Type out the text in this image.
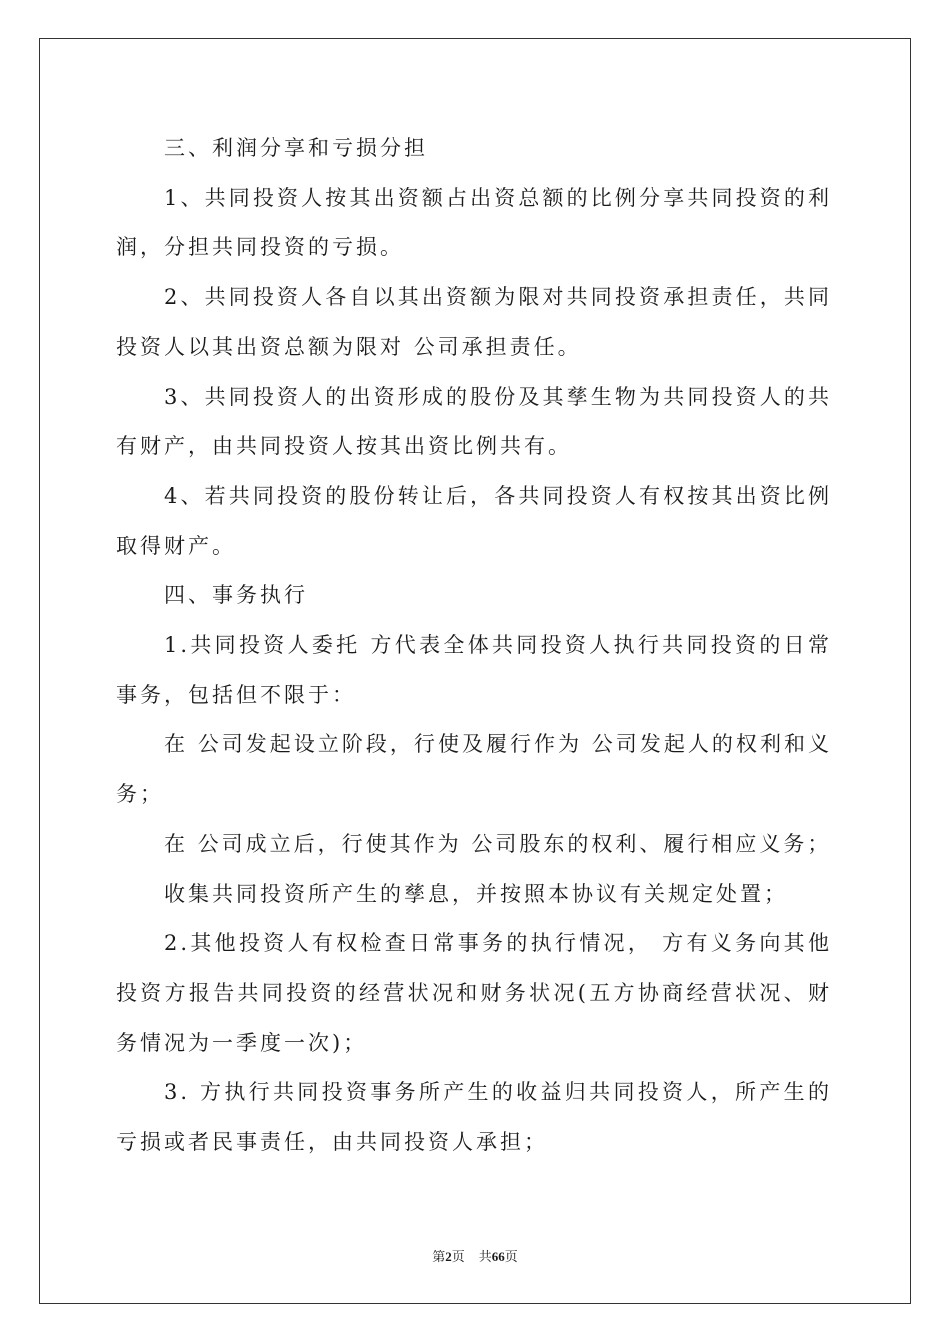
三、利润分享和亏损分担

1、共同投资人按其出资额占出资总额的比例分享共同投资的利润，分担共同投资的亏损。

2、共同投资人各自以其出资额为限对共同投资承担责任，共同投资人以其出资总额为限对 公司承担责任。

3、共同投资人的出资形成的股份及其孳生物为共同投资人的共有财产，由共同投资人按其出资比例共有。

4、若共同投资的股份转让后，各共同投资人有权按其出资比例取得财产。

四、事务执行

1.共同投资人委托 方代表全体共同投资人执行共同投资的日常事务，包括但不限于：

在 公司发起设立阶段，行使及履行作为 公司发起人的权利和义务；

在 公司成立后，行使其作为 公司股东的权利、履行相应义务；

收集共同投资所产生的孳息，并按照本协议有关规定处置；

2.其他投资人有权检查日常事务的执行情况， 方有义务向其他投资方报告共同投资的经营状况和财务状况(五方协商经营状况、财务情况为一季度一次)；

3. 方执行共同投资事务所产生的收益归共同投资人，所产生的亏损或者民事责任，由共同投资人承担；

第2页 共66页
